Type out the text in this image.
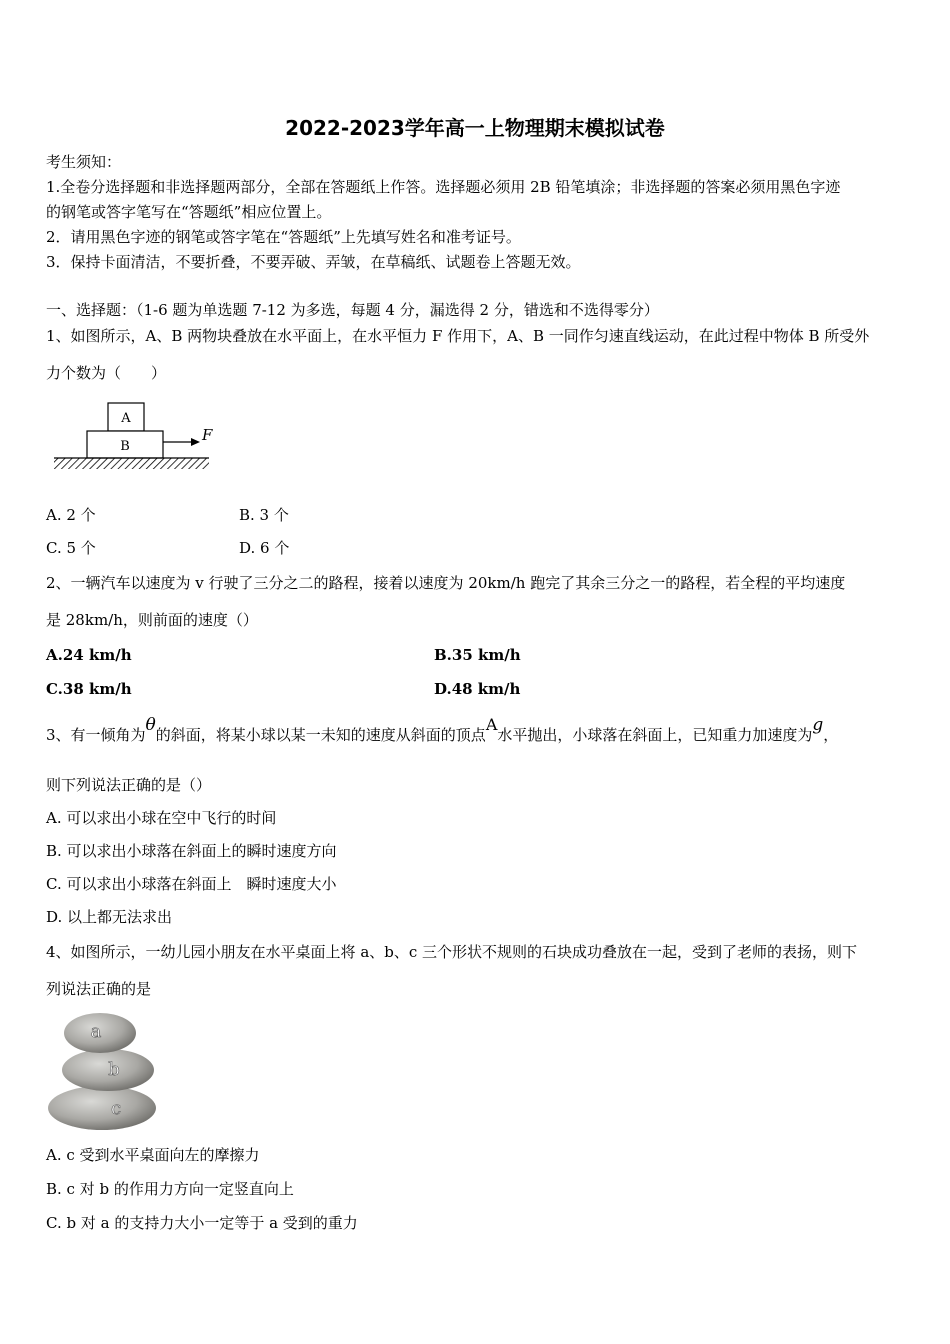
2022-2023学年高一上物理期末模拟试卷
考生须知：
1.全卷分选择题和非选择题两部分，全部在答题纸上作答。选择题必须用 2B 铅笔填涂；非选择题的答案必须用黑色字迹
的钢笔或答字笔写在“答题纸”相应位置上。
2．请用黑色字迹的钢笔或答字笔在“答题纸”上先填写姓名和准考证号。
3．保持卡面清洁，不要折叠，不要弄破、弄皱，在草稿纸、试题卷上答题无效。
一、选择题：（1-6 题为单选题 7-12 为多选，每题 4 分，漏选得 2 分，错选和不选得零分）
1、如图所示，A、B 两物块叠放在水平面上，在水平恒力 F 作用下，A、B 一同作匀速直线运动，在此过程中物体 B 所受外
力个数为（　　）
A
B
F
A. 2 个	B. 3 个
C. 5 个	D. 6 个
2、一辆汽车以速度为 v 行驶了三分之二的路程，接着以速度为 20km/h 跑完了其余三分之一的路程，若全程的平均速度
是 28km/h，则前面的速度（）
A.24 km/h	B.35 km/h
C.38 km/h	D.48 km/h
3、有一倾角为θ的斜面，将某小球以某一未知的速度从斜面的顶点A水平抛出，小球落在斜面上，已知重力加速度为g，
则下列说法正确的是（）
A. 可以求出小球在空中飞行的时间
B. 可以求出小球落在斜面上的瞬时速度方向
C. 可以求出小球落在斜面上　瞬时速度大小
D. 以上都无法求出
4、如图所示，一幼儿园小朋友在水平桌面上将 a、b、c 三个形状不规则的石块成功叠放在一起，受到了老师的表扬，则下
列说法正确的是
a
b
c
A. c 受到水平桌面向左的摩擦力
B. c 对 b 的作用力方向一定竖直向上
C. b 对 a 的支持力大小一定等于 a 受到的重力
